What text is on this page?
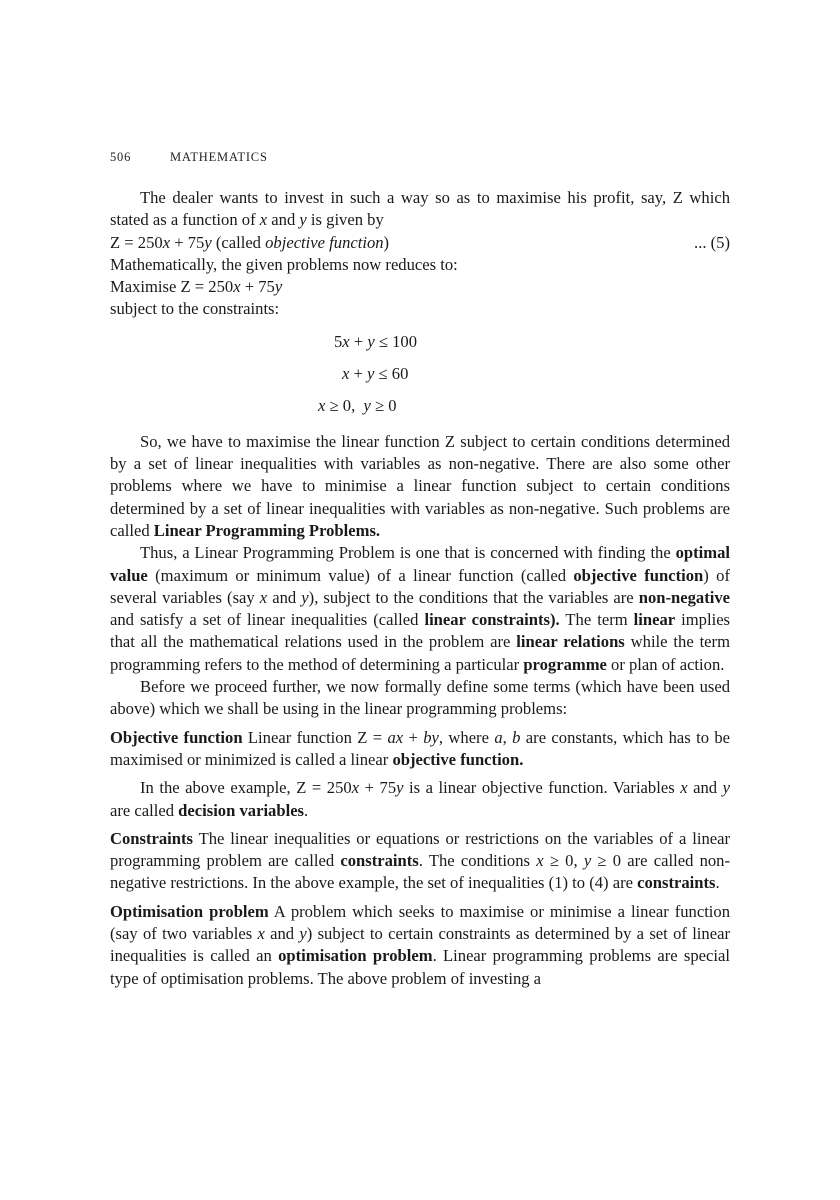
506	MATHEMATICS

The dealer wants to invest in such a way so as to maximise his profit, say, Z which stated as a function of x and y is given by

Z = 250x + 75y (called objective function)	... (5)

Mathematically, the given problems now reduces to:

Maximise Z = 250x + 75y

subject to the constraints:

5x + y ≤ 100
x + y ≤ 60
x ≥ 0,  y ≥ 0

So, we have to maximise the linear function Z subject to certain conditions determined by a set of linear inequalities with variables as non-negative. There are also some other problems where we have to minimise a linear function subject to certain conditions determined by a set of linear inequalities with variables as non-negative. Such problems are called Linear Programming Problems.

Thus, a Linear Programming Problem is one that is concerned with finding the optimal value (maximum or minimum value) of a linear function (called objective function) of several variables (say x and y), subject to the conditions that the variables are non-negative and satisfy a set of linear inequalities (called linear constraints). The term linear implies that all the mathematical relations used in the problem are linear relations while the term programming refers to the method of determining a particular programme or plan of action.

Before we proceed further, we now formally define some terms (which have been used above) which we shall be using in the linear programming problems:

Objective function Linear function Z = ax + by, where a, b are constants, which has to be maximised or minimized is called a linear objective function.

In the above example, Z = 250x + 75y is a linear objective function. Variables x and y are called decision variables.

Constraints The linear inequalities or equations or restrictions on the variables of a linear programming problem are called constraints. The conditions x ≥ 0, y ≥ 0 are called non-negative restrictions. In the above example, the set of inequalities (1) to (4) are constraints.

Optimisation problem A problem which seeks to maximise or minimise a linear function (say of two variables x and y) subject to certain constraints as determined by a set of linear inequalities is called an optimisation problem. Linear programming problems are special type of optimisation problems. The above problem of investing a
